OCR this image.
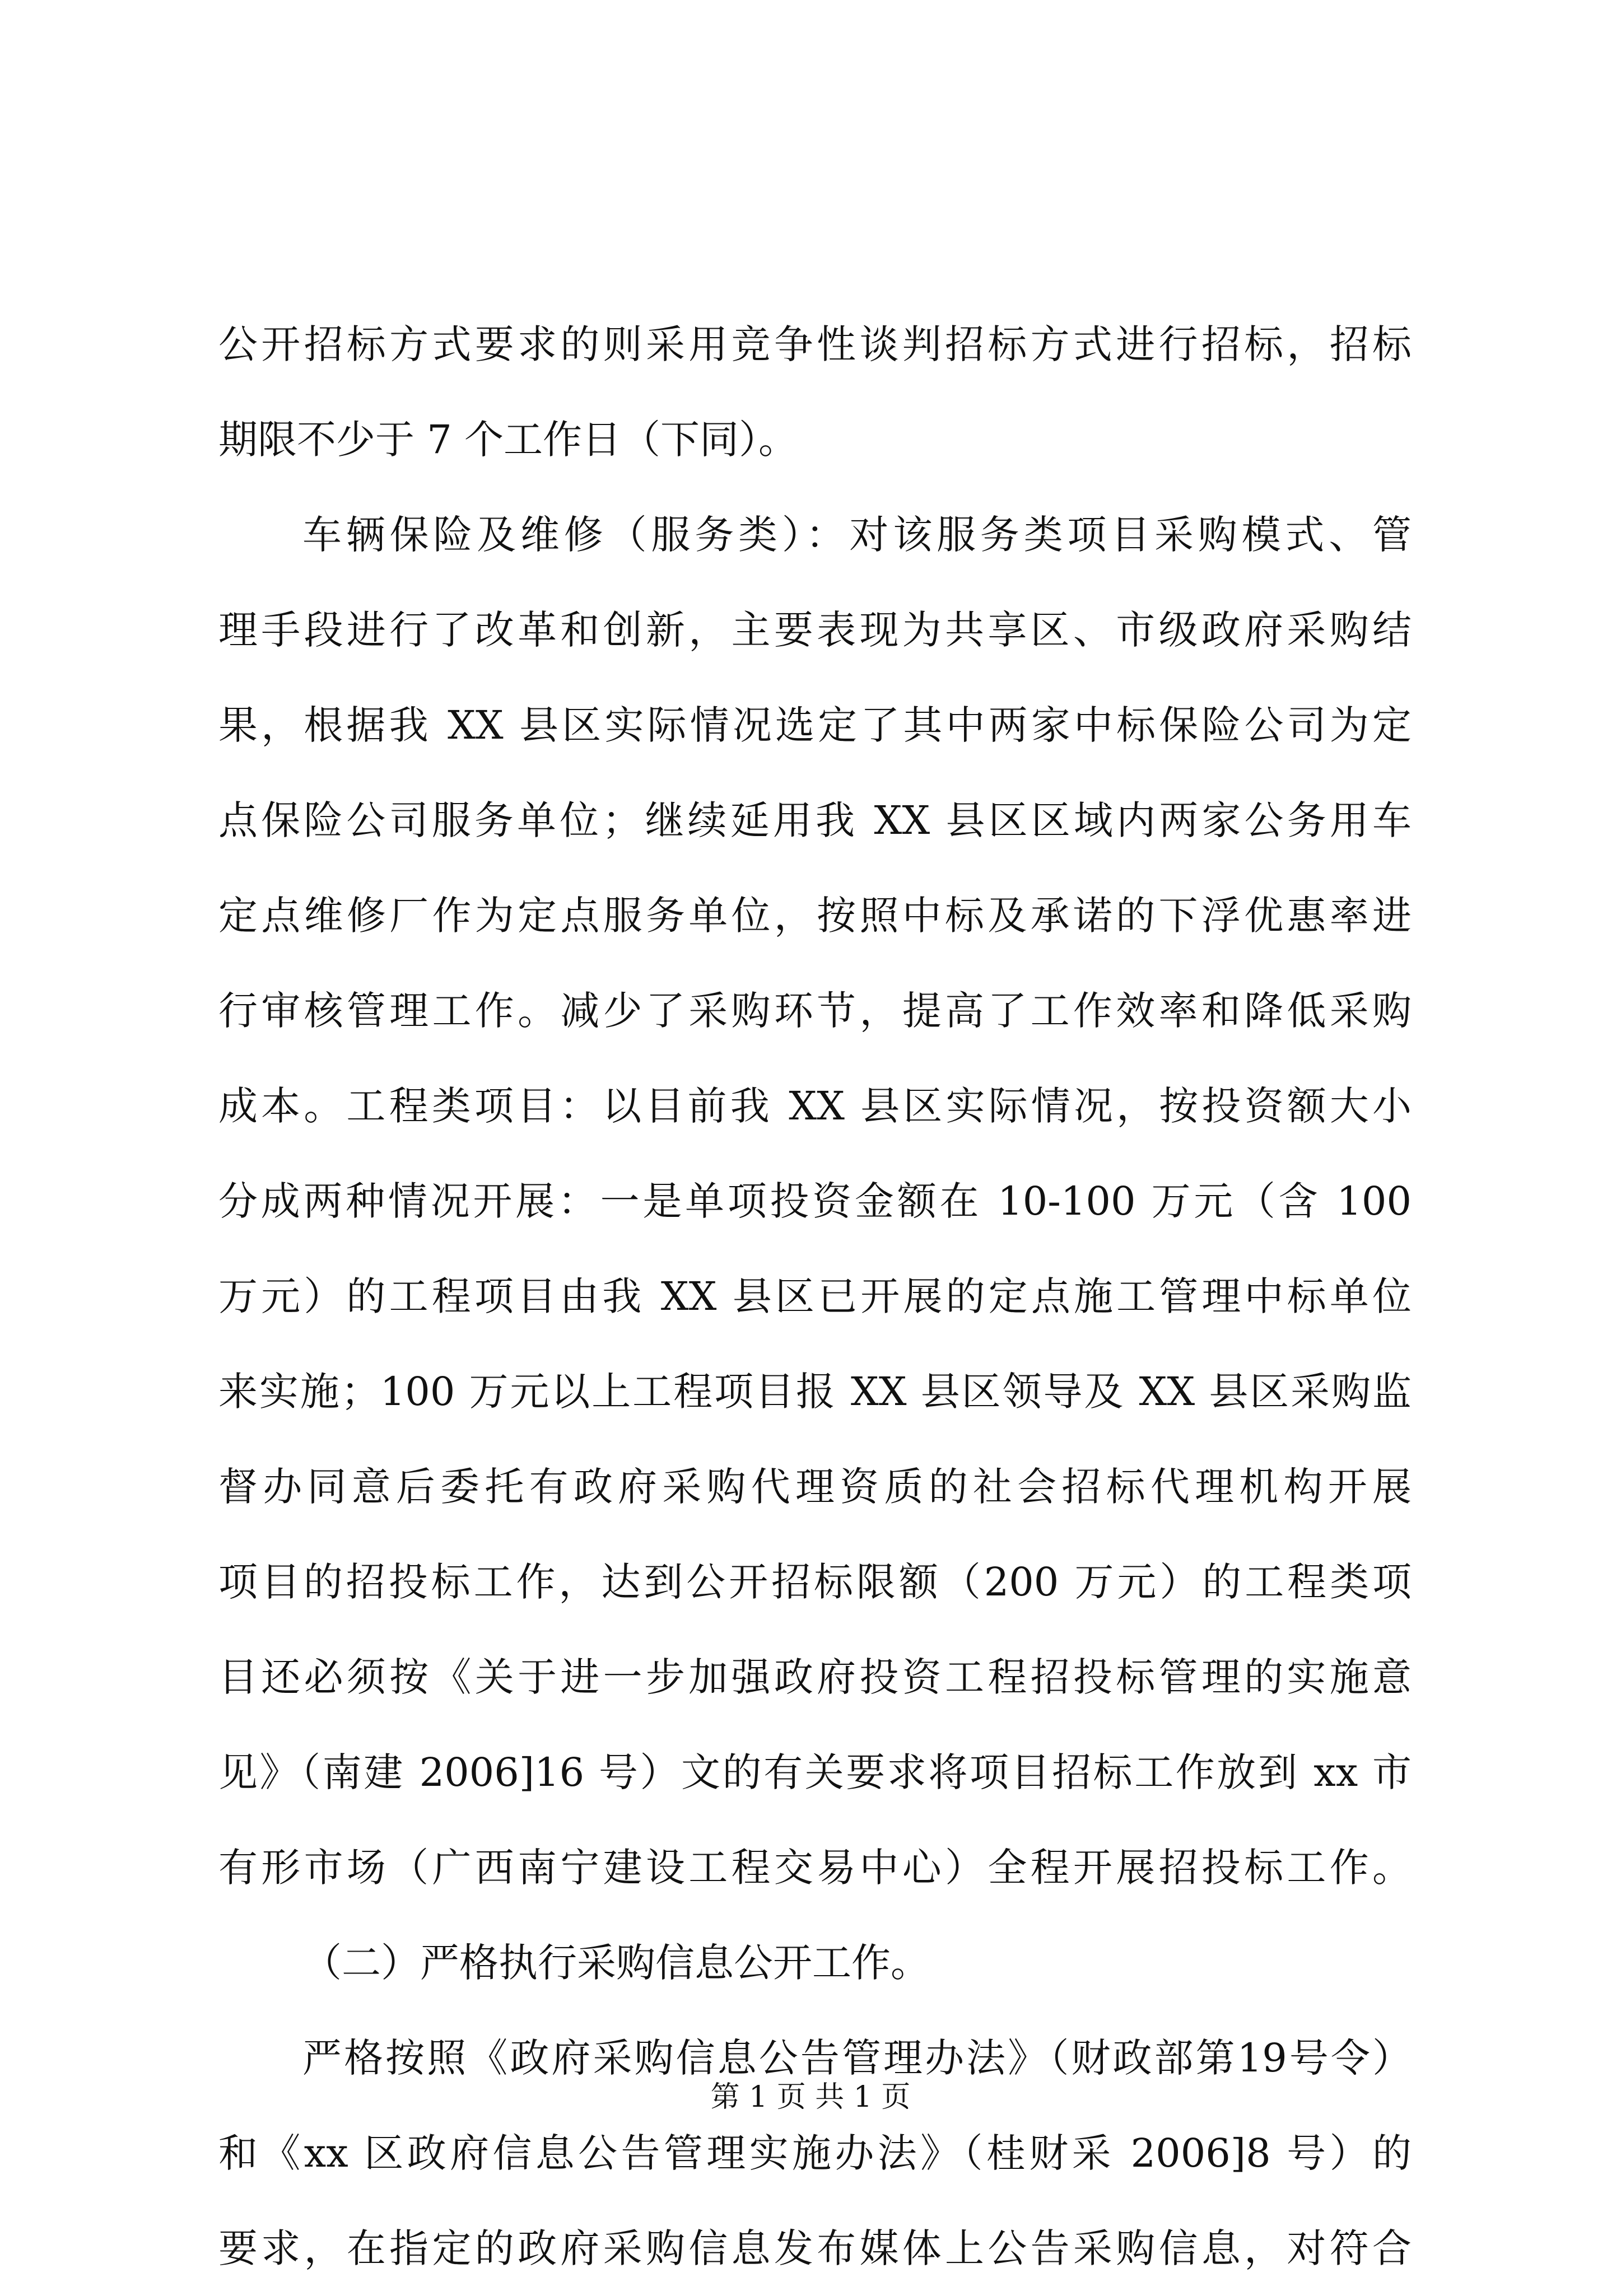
公开招标方式要求的则采用竞争性谈判招标方式进行招标，招标
期限不少于 7 个工作日（下同）。
车辆保险及维修（服务类）：对该服务类项目采购模式、管
理手段进行了改革和创新，主要表现为共享区、市级政府采购结
果，根据我 XX 县区实际情况选定了其中两家中标保险公司为定
点保险公司服务单位；继续延用我 XX 县区区域内两家公务用车
定点维修厂作为定点服务单位，按照中标及承诺的下浮优惠率进
行审核管理工作。减少了采购环节，提高了工作效率和降低采购
成本。工程类项目：以目前我 XX 县区实际情况，按投资额大小
分成两种情况开展：一是单项投资金额在 10-100 万元（含 100
万元）的工程项目由我 XX 县区已开展的定点施工管理中标单位
来实施；100 万元以上工程项目报 XX 县区领导及 XX 县区采购监
督办同意后委托有政府采购代理资质的社会招标代理机构开展
项目的招投标工作，达到公开招标限额（200 万元）的工程类项
目还必须按《关于进一步加强政府投资工程招投标管理的实施意
见》（南建 2006]16 号）文的有关要求将项目招标工作放到 xx 市
有形市场（广西南宁建设工程交易中心）全程开展招投标工作。
（二）严格执行采购信息公开工作。
严格按照《政府采购信息公告管理办法》（财政部第19号令）
和《xx 区政府信息公告管理实施办法》（桂财采 2006]8 号）的
要求，在指定的政府采购信息发布媒体上公告采购信息，对符合
第 1 页 共 1 页
